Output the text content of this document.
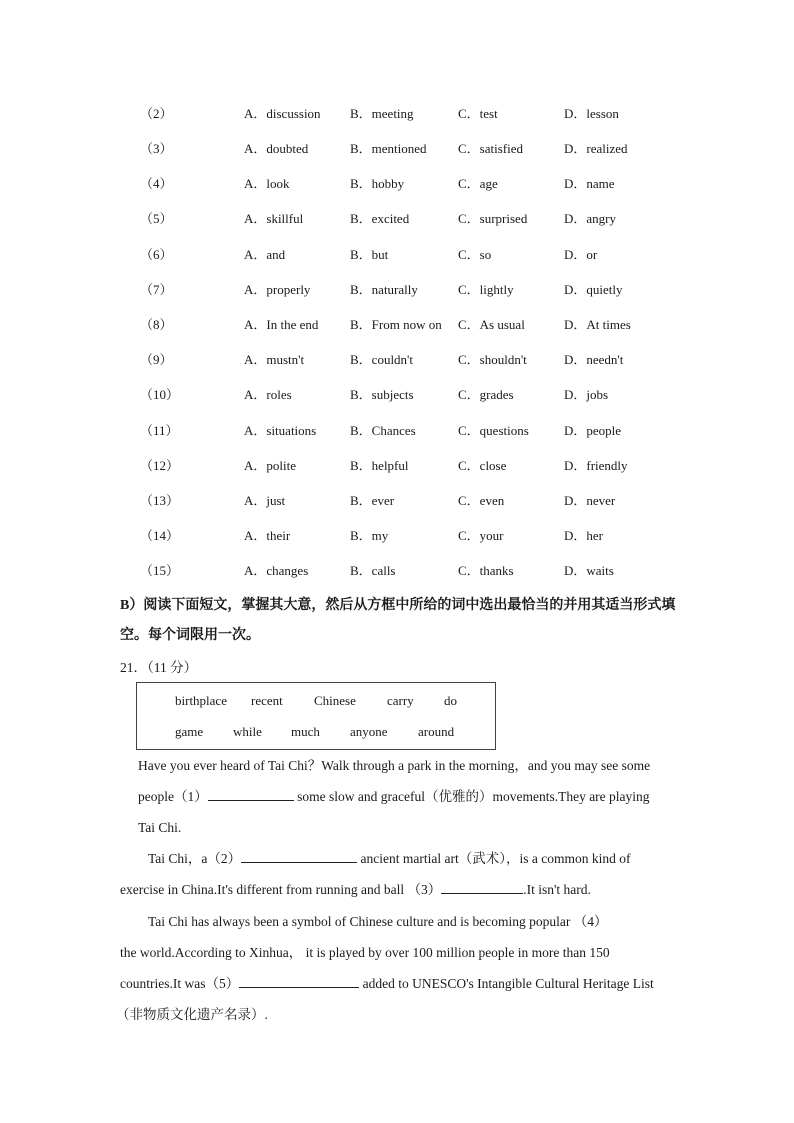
（2）	A．discussion B．meeting	C．test	D．lesson
（3）	A．doubted	B．mentioned C．satisfied	D．realized
（4）	A．look	B．hobby	C．age	D．name
（5）	A．skillful	B．excited	C．surprised	D．angry
（6）	A．and	B．but	C．so	D．or
（7）	A．properly	B．naturally	C．lightly	D．quietly
（8）	A．In the end B．From now on C．As usual	D．At times
（9）	A．mustn't	B．couldn't	C．shouldn't	D．needn't
（10）	A．roles	B．subjects	C．grades	D．jobs
（11）	A．situations	B．Chances	C．questions	D．people
（12）	A．polite	B．helpful	C．close	D．friendly
（13）	A．just	B．ever	C．even	D．never
（14）	A．their	B．my	C．your	D．her
（15）	A．changes	B．calls	C．thanks	D．waits
B）阅读下面短文，掌握其大意，然后从方框中所给的词中选出最恰当的并用其适当形式填
空。每个词限用一次。
21．（11 分）
birthplace recent Chinese carry do
game while much anyone around
Have you ever heard of Tai Chi？Walk through a park in the morning，and you may see some
people（1）	some slow and graceful（优雅的）movements.They are playing
Tai Chi.
Tai Chi，a（2）	ancient martial art（武术），is a common kind of
exercise in China.It's different from running and ball （3）	.It isn't hard.
Tai Chi has always been a symbol of Chinese culture and is becoming popular （4）
the world.According to Xinhua， it is played by over 100 million people in more than 150
countries.It was（5）	added to UNESCO's Intangible Cultural Heritage List
（非物质文化遗产名录）.
